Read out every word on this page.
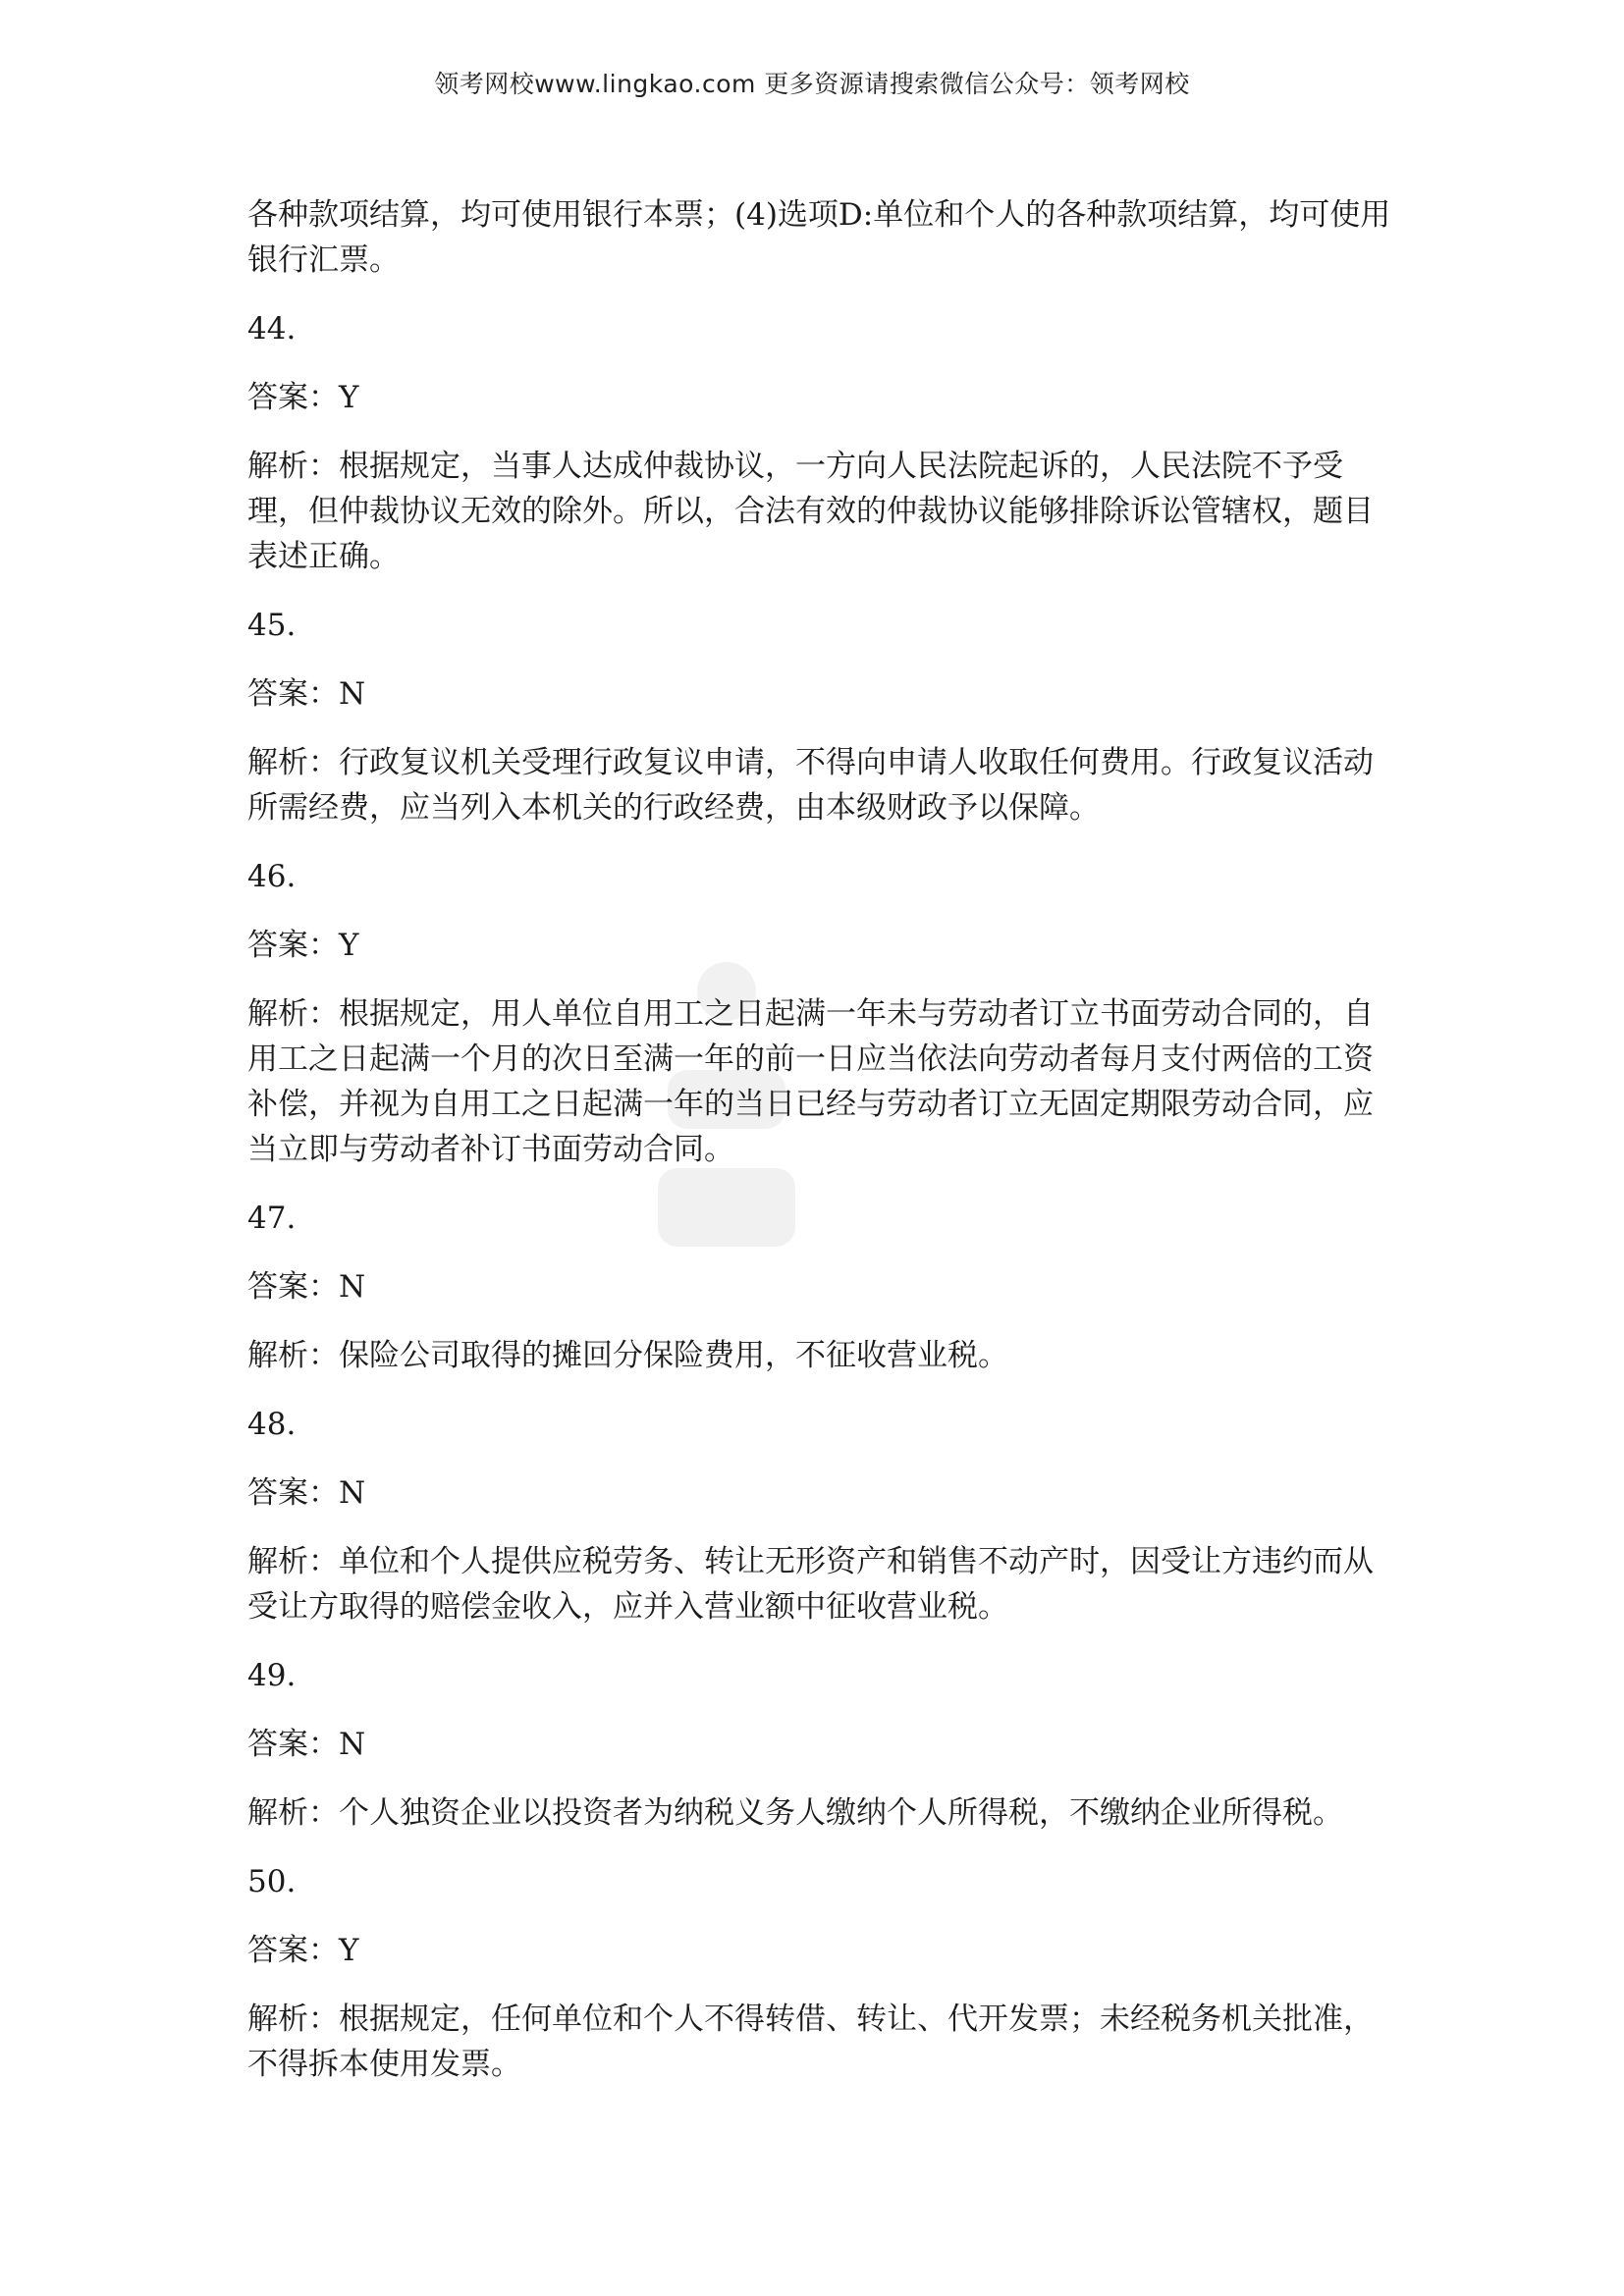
领考网校www.lingkao.com 更多资源请搜索微信公众号：领考网校

各种款项结算，均可使用银行本票；(4)选项D:单位和个人的各种款项结算，均可使用银行汇票。

44.

答案：Y

解析：根据规定，当事人达成仲裁协议，一方向人民法院起诉的，人民法院不予受理，但仲裁协议无效的除外。所以，合法有效的仲裁协议能够排除诉讼管辖权，题目表述正确。

45.

答案：N

解析：行政复议机关受理行政复议申请，不得向申请人收取任何费用。行政复议活动所需经费，应当列入本机关的行政经费，由本级财政予以保障。

46.

答案：Y

解析：根据规定，用人单位自用工之日起满一年未与劳动者订立书面劳动合同的，自用工之日起满一个月的次日至满一年的前一日应当依法向劳动者每月支付两倍的工资补偿，并视为自用工之日起满一年的当日已经与劳动者订立无固定期限劳动合同，应当立即与劳动者补订书面劳动合同。

47.

答案：N

解析：保险公司取得的摊回分保险费用，不征收营业税。

48.

答案：N

解析：单位和个人提供应税劳务、转让无形资产和销售不动产时，因受让方违约而从受让方取得的赔偿金收入，应并入营业额中征收营业税。

49.

答案：N

解析：个人独资企业以投资者为纳税义务人缴纳个人所得税，不缴纳企业所得税。

50.

答案：Y

解析：根据规定，任何单位和个人不得转借、转让、代开发票；未经税务机关批准，不得拆本使用发票。
